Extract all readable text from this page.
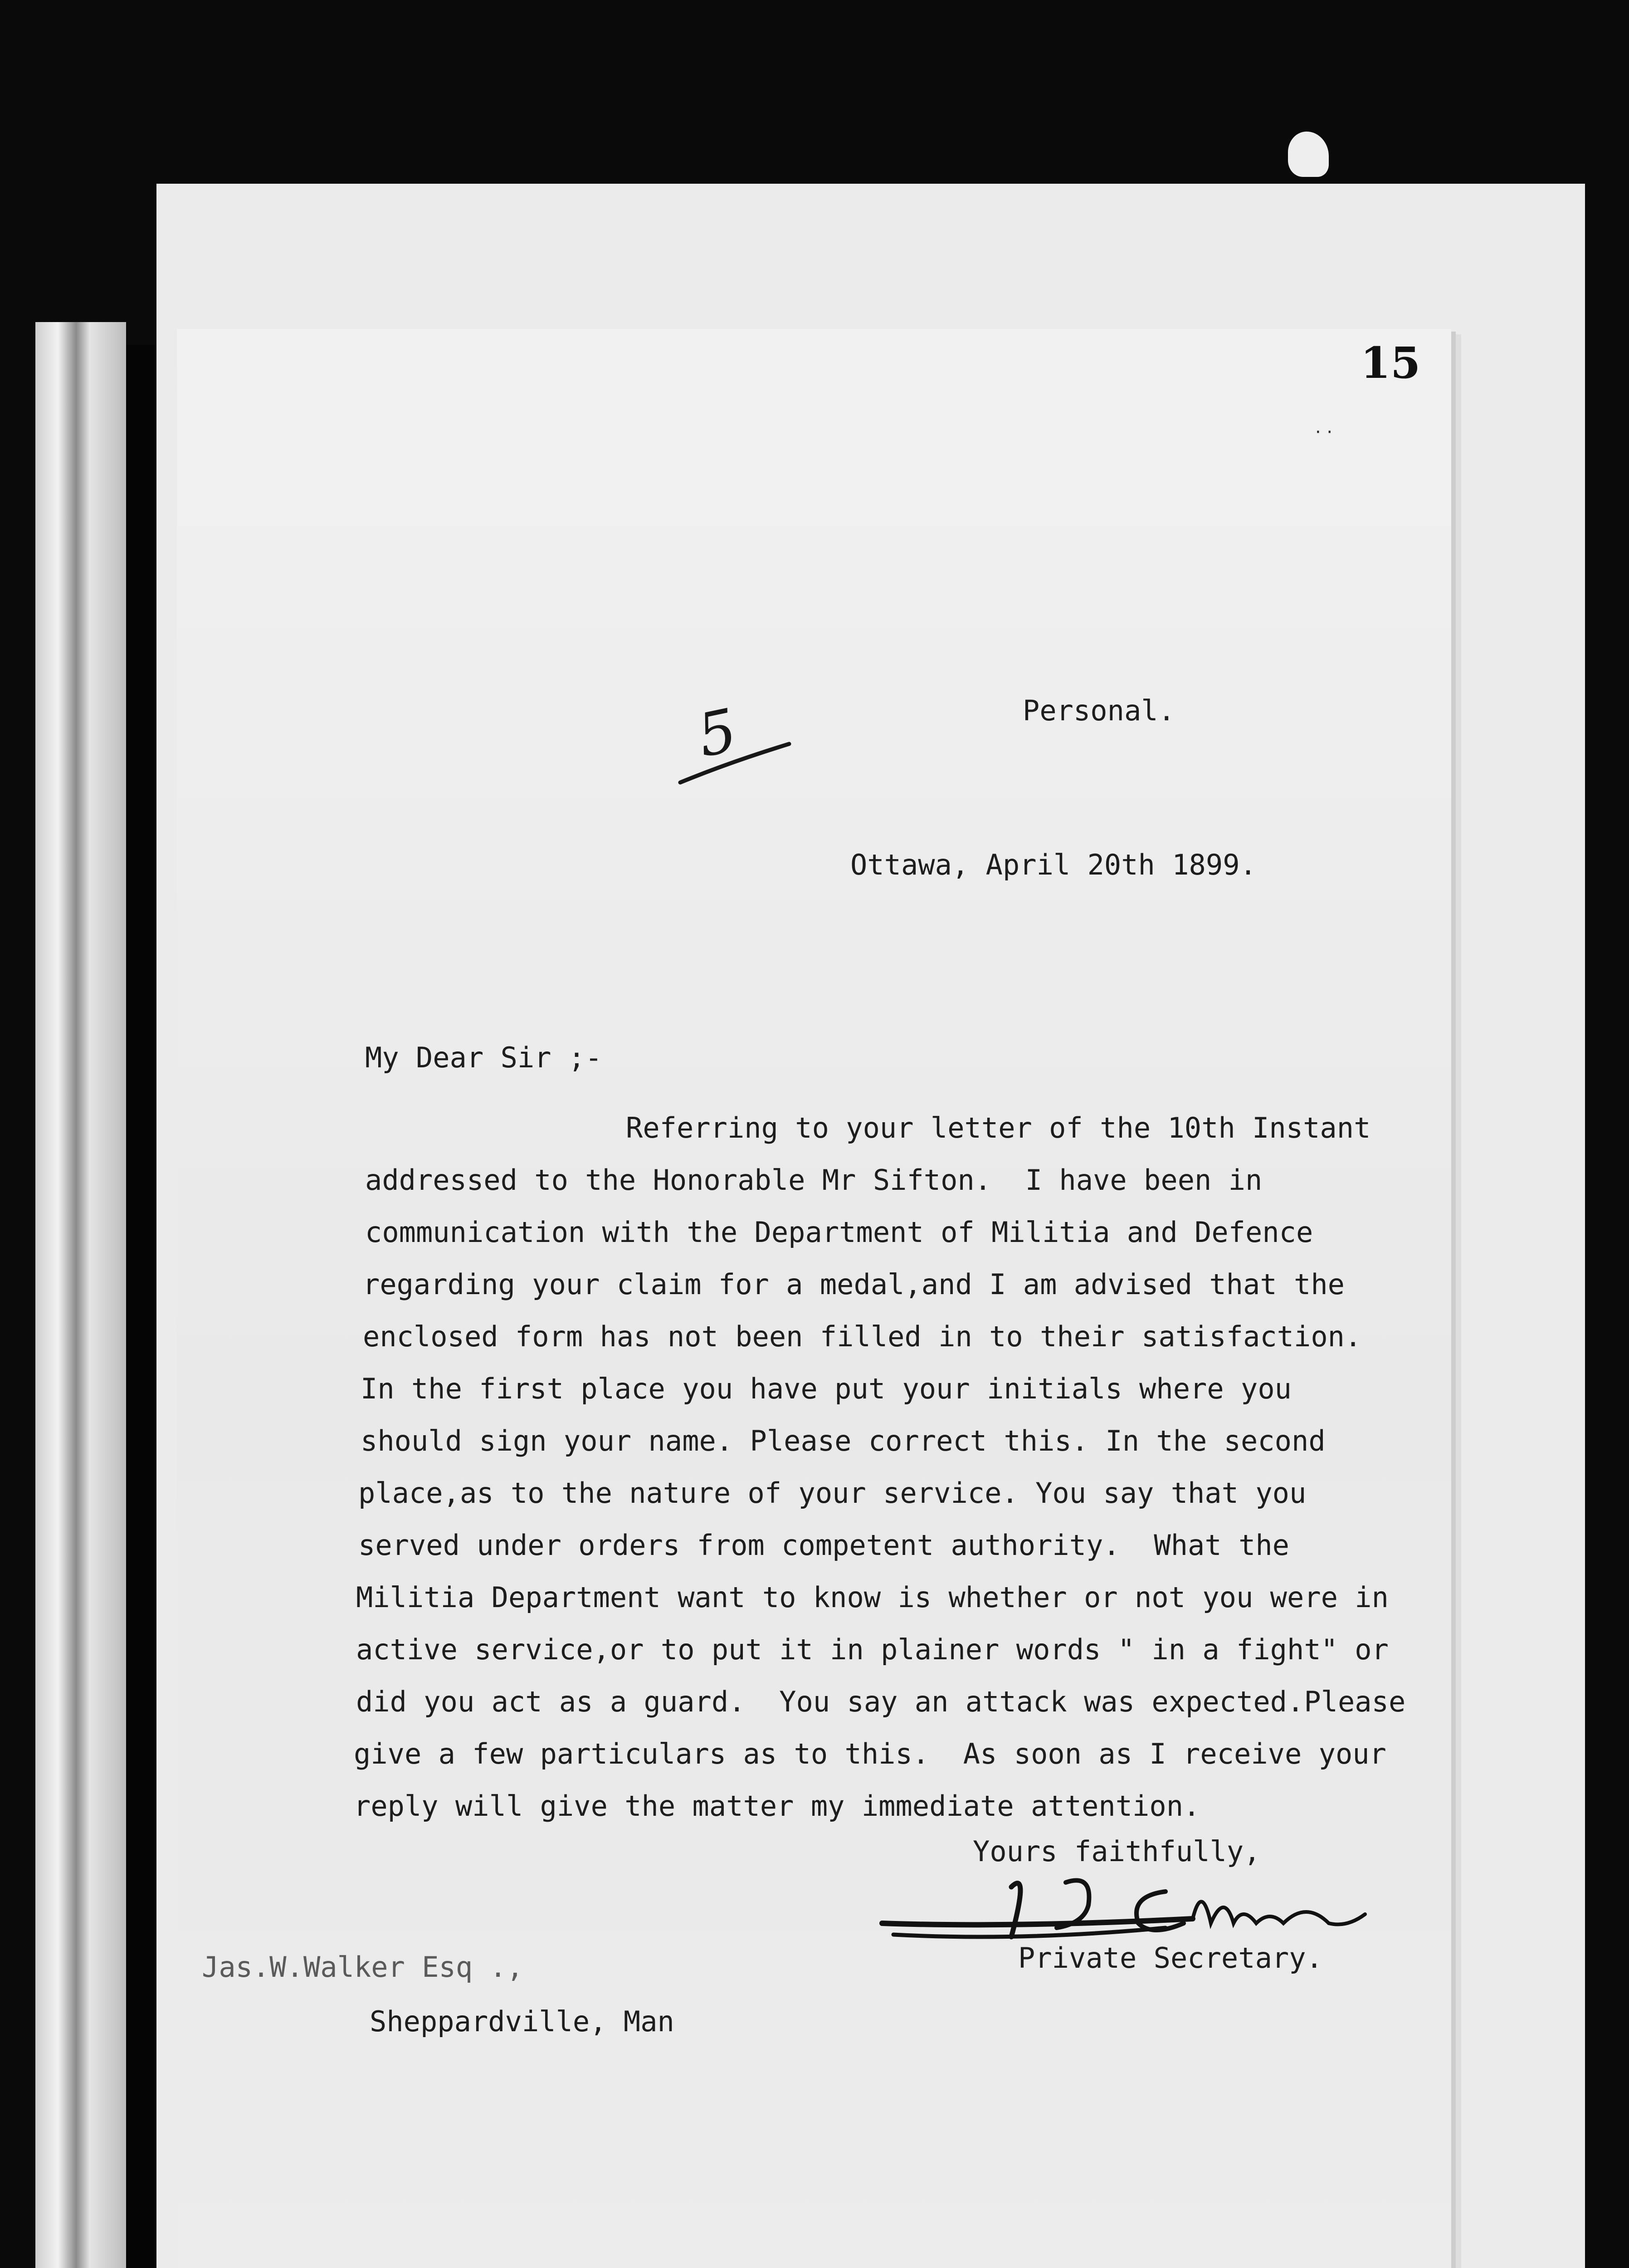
15

· ·

5	Personal.

Ottawa, April 20th 1899.

My Dear Sir ;-

Referring to your letter of the 10th Instant

addressed to the Honorable Mr Sifton.  I have been in

communication with the Department of Militia and Defence

regarding your claim for a medal,and I am advised that the

enclosed form has not been filled in to their satisfaction.

In the first place you have put your initials where you

should sign your name. Please correct this. In the second

place,as to the nature of your service. You say that you

served under orders from competent authority.  What the

Militia Department want to know is whether or not you were in

active service,or to put it in plainer words " in a fight" or

did you act as a guard.  You say an attack was expected.Please

give a few particulars as to this.  As soon as I receive your

reply will give the matter my immediate attention.

Yours faithfully,

Private Secretary.

Jas.W.Walker Esq .,

Sheppardville, Man
